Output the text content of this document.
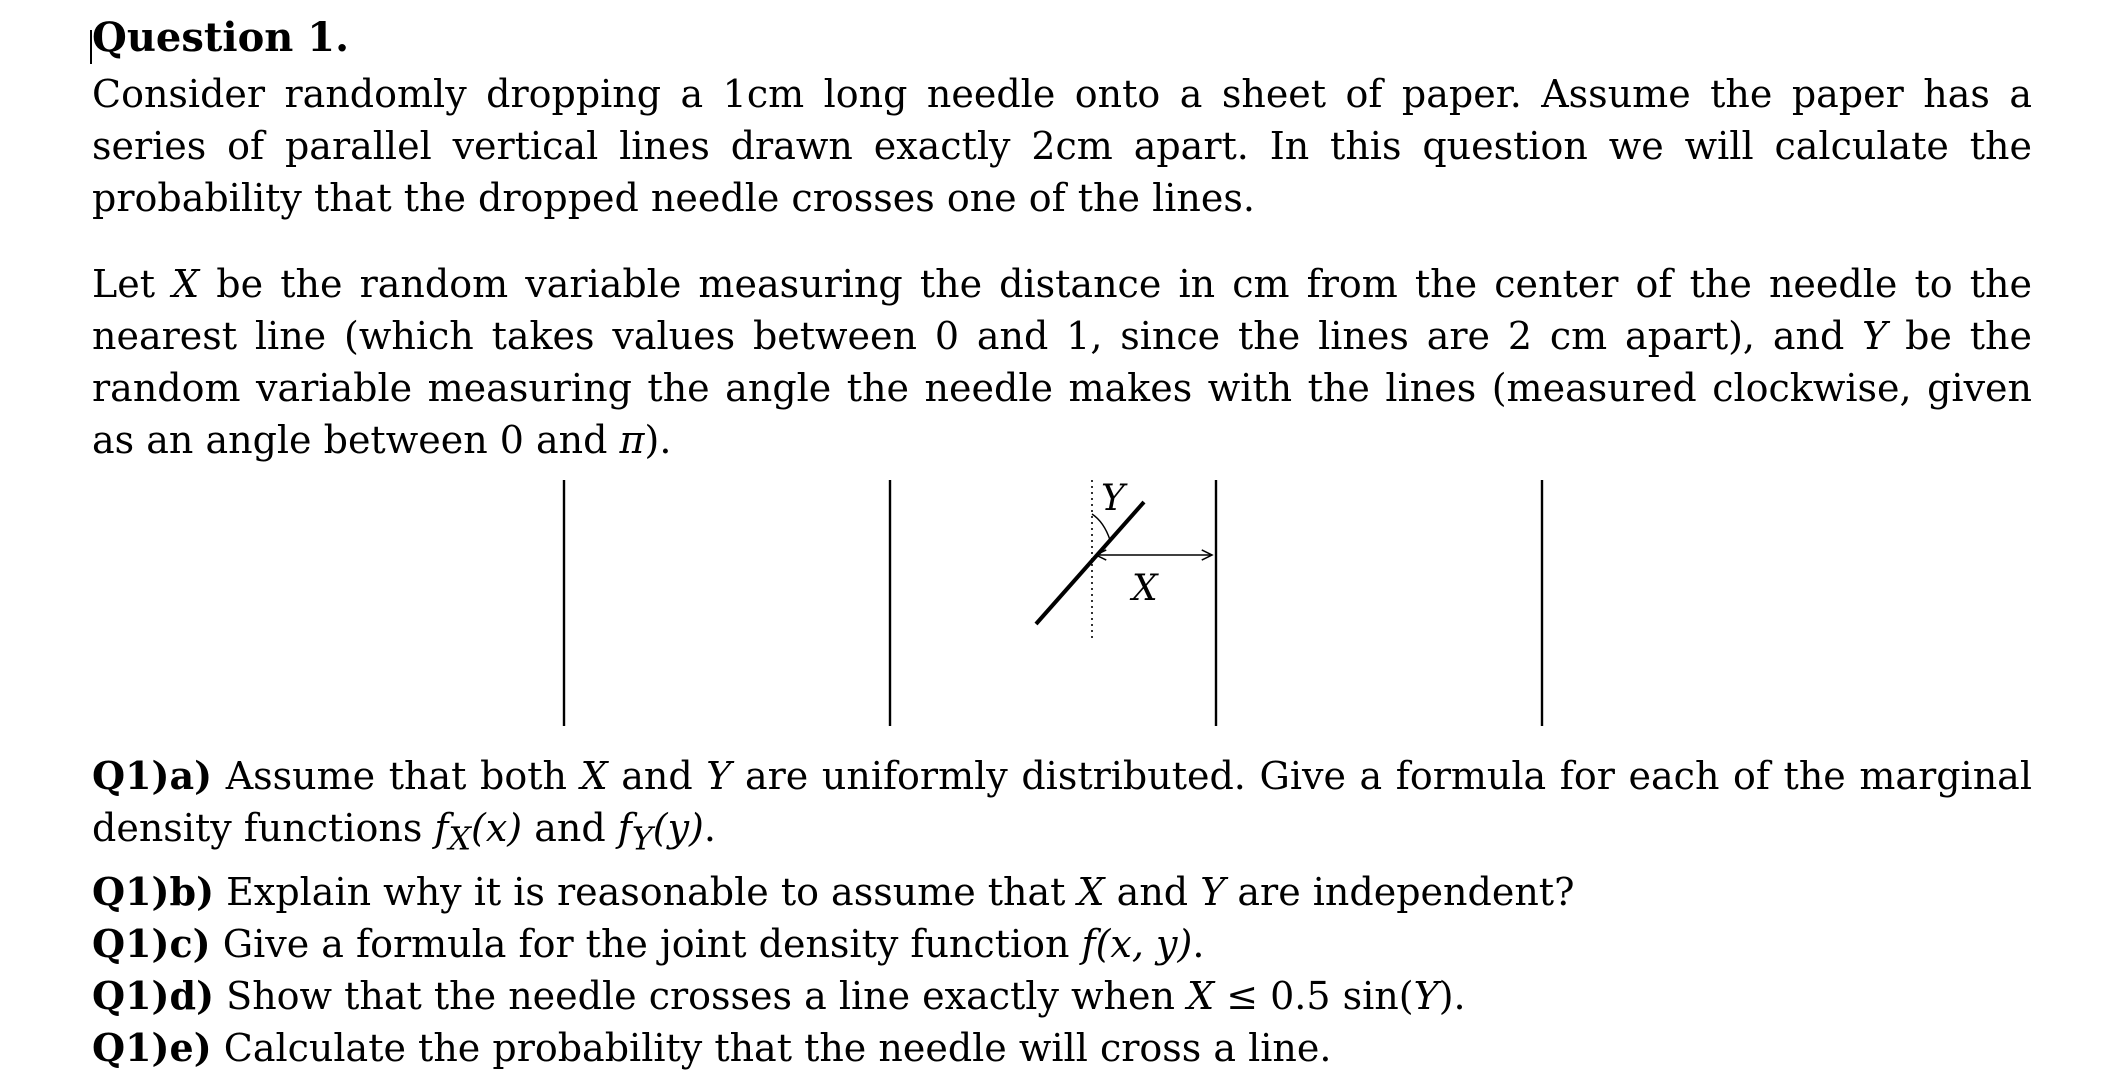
Question 1.

Consider randomly dropping a 1cm long needle onto a sheet of paper. Assume the paper has a series of parallel vertical lines drawn exactly 2cm apart. In this question we will calculate the probability that the dropped needle crosses one of the lines.

Let X be the random variable measuring the distance in cm from the center of the needle to the nearest line (which takes values between 0 and 1, since the lines are 2 cm apart), and Y be the random variable measuring the angle the needle makes with the lines (measured clockwise, given as an angle between 0 and π).

Y
X

Q1)a) Assume that both X and Y are uniformly distributed. Give a formula for each of the marginal density functions $f_X(x)$ and $f_Y(y)$.

Q1)b) Explain why it is reasonable to assume that X and Y are independent?

Q1)c) Give a formula for the joint density function f(x, y).

Q1)d) Show that the needle crosses a line exactly when X ≤ 0.5 sin(Y).

Q1)e) Calculate the probability that the needle will cross a line.
